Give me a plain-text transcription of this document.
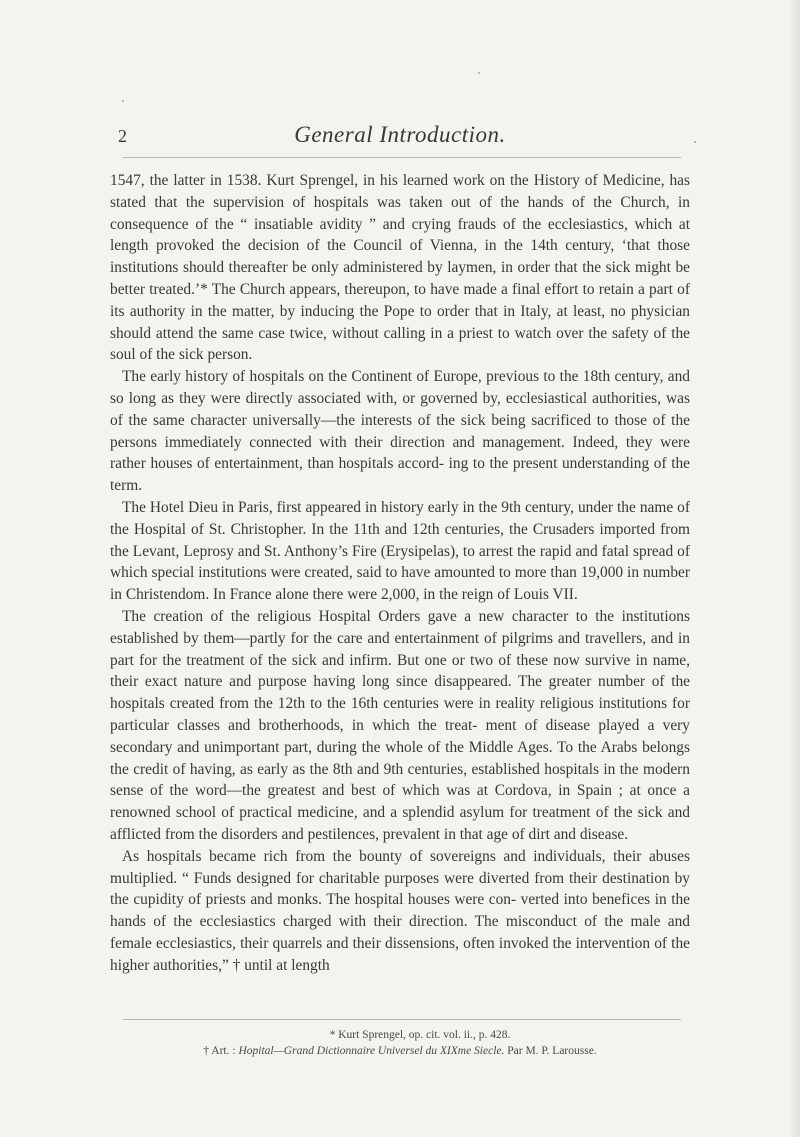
2	General Introduction.

1547, the latter in 1538. Kurt Sprengel, in his learned work on the History of Medicine, has stated that the supervision of hospitals was taken out of the hands of the Church, in consequence of the “ insatiable avidity ” and crying frauds of the ecclesiastics, which at length provoked the decision of the Council of Vienna, in the 14th century, ‘that those institutions should thereafter be only administered by laymen, in order that the sick might be better treated.’* The Church appears, thereupon, to have made a final effort to retain a part of its authority in the matter, by inducing the Pope to order that in Italy, at least, no physician should attend the same case twice, without calling in a priest to watch over the safety of the soul of the sick person.

The early history of hospitals on the Continent of Europe, previous to the 18th century, and so long as they were directly associated with, or governed by, ecclesiastical authorities, was of the same character universally—the interests of the sick being sacrificed to those of the persons immediately connected with their direction and management. Indeed, they were rather houses of entertainment, than hospitals accord- ing to the present understanding of the term.

The Hotel Dieu in Paris, first appeared in history early in the 9th century, under the name of the Hospital of St. Christopher. In the 11th and 12th centuries, the Crusaders imported from the Levant, Leprosy and St. Anthony’s Fire (Erysipelas), to arrest the rapid and fatal spread of which special institutions were created, said to have amounted to more than 19,000 in number in Christendom. In France alone there were 2,000, in the reign of Louis VII.

The creation of the religious Hospital Orders gave a new character to the institutions established by them—partly for the care and entertainment of pilgrims and travellers, and in part for the treatment of the sick and infirm. But one or two of these now survive in name, their exact nature and purpose having long since disappeared. The greater number of the hospitals created from the 12th to the 16th centuries were in reality religious institutions for particular classes and brotherhoods, in which the treat- ment of disease played a very secondary and unimportant part, during the whole of the Middle Ages. To the Arabs belongs the credit of having, as early as the 8th and 9th centuries, established hospitals in the modern sense of the word—the greatest and best of which was at Cordova, in Spain ; at once a renowned school of practical medicine, and a splendid asylum for treatment of the sick and afflicted from the disorders and pestilences, prevalent in that age of dirt and disease.

As hospitals became rich from the bounty of sovereigns and individuals, their abuses multiplied. “ Funds designed for charitable purposes were diverted from their destination by the cupidity of priests and monks. The hospital houses were con- verted into benefices in the hands of the ecclesiastics charged with their direction. The misconduct of the male and female ecclesiastics, their quarrels and their dissensions, often invoked the intervention of the higher authorities,” † until at length

* Kurt Sprengel, op. cit. vol. ii., p. 428.
† Art. : Hopital—Grand Dictionnaire Universel du XIXme Siecle. Par M. P. Larousse.
